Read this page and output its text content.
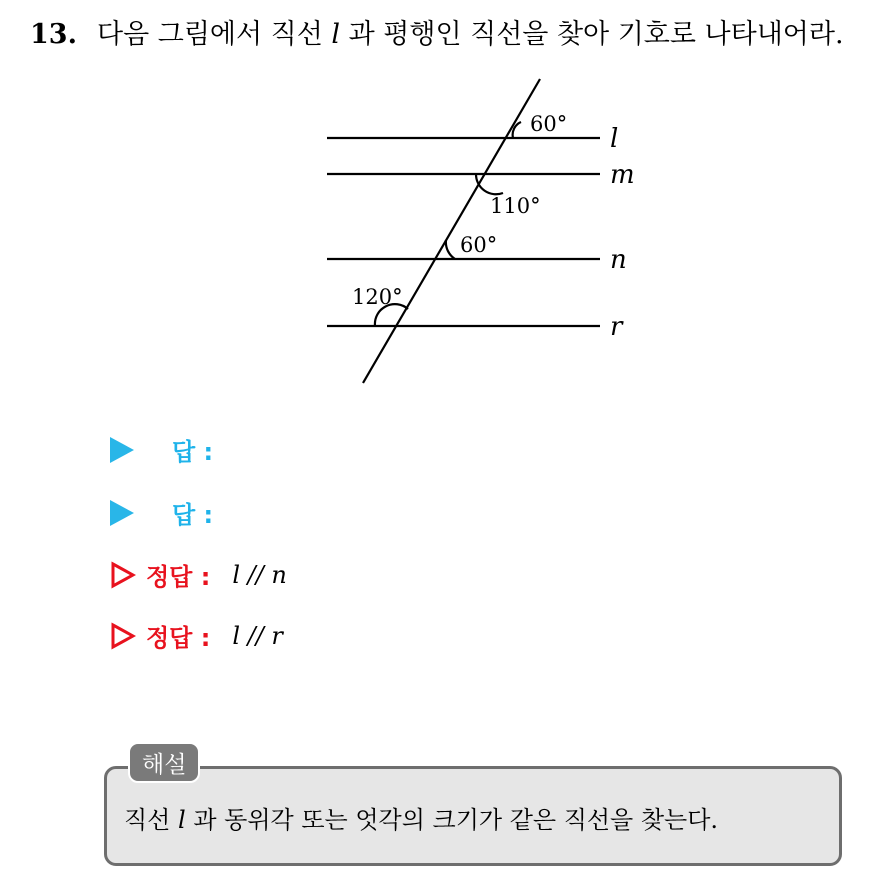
13. 다음 그림에서 직선 l 과 평행인 직선을 찾아 기호로 나타내어라.
60°
110°
60°
120°
l
m
n
r
답 :
답 :
정답 : l // n
정답 : l // r
해설
직선 l 과 동위각 또는 엇각의 크기가 같은 직선을 찾는다.
